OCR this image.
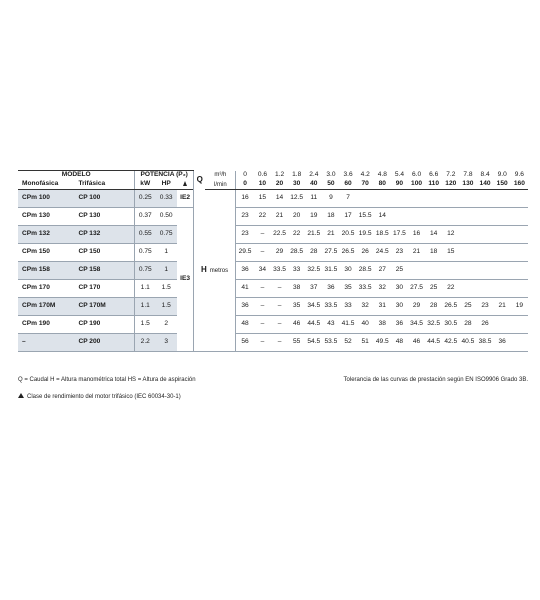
MODELO		POTENCIA (P₂)			Q	m³/h	0	0.6	1.2	1.8	2.4	3.0	3.6	4.2	4.8	5.4	6.0	6.6	7.2	7.8	8.4	9.0	9.6
Monofásica	Trifásica	kW	HP			l/min	0	10	20	30	40	50	60	70	80	90	100	110	120	130	140	150	160
CPm 100	CP 100	0.25	0.33	IE2	H metros		16	15	14	12.5	11	9	7										
CPm 130	CP 130	0.37	0.50	IE3			23	22	21	20	19	18	17	15.5	14								
CPm 132	CP 132	0.55	0.75				23	–	22.5	22	21.5	21	20.5	19.5	18.5	17.5	16	14	12				
CPm 150	CP 150	0.75	1				29.5	–	29	28.5	28	27.5	26.5	26	24.5	23	21	18	15				
CPm 158	CP 158	0.75	1				36	34	33.5	33	32.5	31.5	30	28.5	27	25							
CPm 170	CP 170	1.1	1.5				41	–	–	38	37	36	35	33.5	32	30	27.5	25	22				
CPm 170M	CP 170M	1.1	1.5				36	–	–	35	34.5	33.5	33	32	31	30	29	28	26.5	25	23	21	19
CPm 190	CP 190	1.5	2				48	–	–	46	44.5	43	41.5	40	38	36	34.5	32.5	30.5	28	26		
–	CP 200	2.2	3				56	–	–	55	54.5	53.5	52	51	49.5	48	46	44.5	42.5	40.5	38.5	36	
Q = Caudal H = Altura manométrica total HS = Altura de aspiración	Tolerancia de las curvas de prestación según EN ISO9906 Grado 3B.
Clase de rendimiento del motor trifásico (IEC 60034-30-1)
